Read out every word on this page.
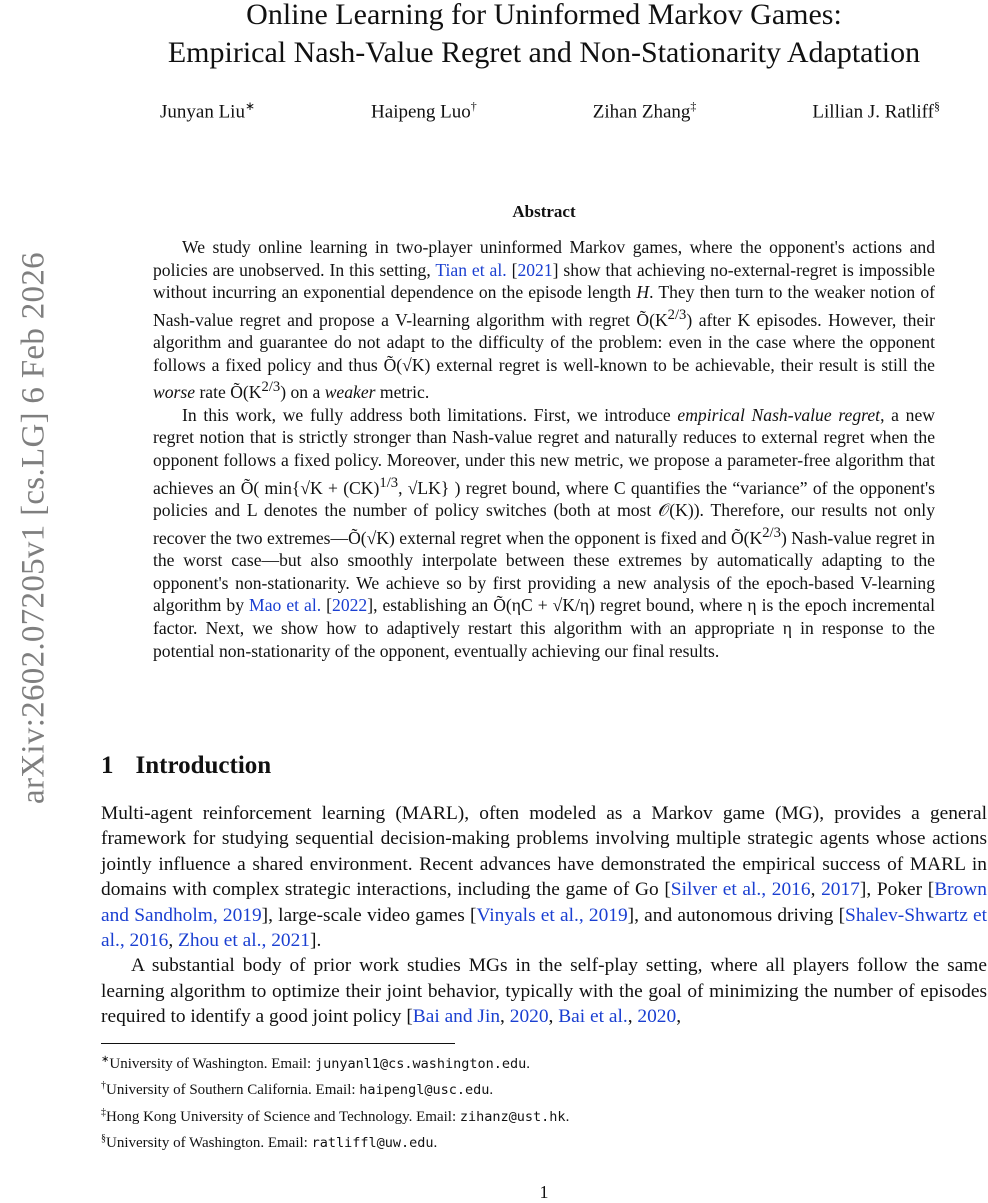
arXiv:2602.07205v1 [cs.LG] 6 Feb 2026
Online Learning for Uninformed Markov Games:
Empirical Nash-Value Regret and Non-Stationarity Adaptation
Junyan Liu∗	Haipeng Luo†	Zihan Zhang‡	Lillian J. Ratliff§
Abstract

We study online learning in two-player uninformed Markov games, where the opponent's actions and policies are unobserved. In this setting, Tian et al. [2021] show that achieving no-external-regret is impossible without incurring an exponential dependence on the episode length H. They then turn to the weaker notion of Nash-value regret and propose a V-learning algorithm with regret $Õ(K^{2/3})$ after K episodes. However, their algorithm and guarantee do not adapt to the difficulty of the problem: even in the case where the opponent follows a fixed policy and thus Õ(√K) external regret is well-known to be achievable, their result is still the worse rate $Õ(K^{2/3})$ on a weaker metric.

In this work, we fully address both limitations. First, we introduce empirical Nash-value regret, a new regret notion that is strictly stronger than Nash-value regret and naturally reduces to external regret when the opponent follows a fixed policy. Moreover, under this new metric, we propose a parameter-free algorithm that achieves an Õ( min{√K + (CK)$^{1/3}$, √LK} ) regret bound, where C quantifies the “variance” of the opponent's policies and L denotes the number of policy switches (both at most 𝒪(K)). Therefore, our results not only recover the two extremes—Õ(√K) external regret when the opponent is fixed and $Õ(K^{2/3})$ Nash-value regret in the worst case—but also smoothly interpolate between these extremes by automatically adapting to the opponent's non-stationarity. We achieve so by first providing a new analysis of the epoch-based V-learning algorithm by Mao et al. [2022], establishing an Õ(ηC + √K/η) regret bound, where η is the epoch incremental factor. Next, we show how to adaptively restart this algorithm with an appropriate η in response to the potential non-stationarity of the opponent, eventually achieving our final results.

1 Introduction

Multi-agent reinforcement learning (MARL), often modeled as a Markov game (MG), provides a general framework for studying sequential decision-making problems involving multiple strategic agents whose actions jointly influence a shared environment. Recent advances have demonstrated the empirical success of MARL in domains with complex strategic interactions, including the game of Go [Silver et al., 2016, 2017], Poker [Brown and Sandholm, 2019], large-scale video games [Vinyals et al., 2019], and autonomous driving [Shalev-Shwartz et al., 2016, Zhou et al., 2021].

A substantial body of prior work studies MGs in the self-play setting, where all players follow the same learning algorithm to optimize their joint behavior, typically with the goal of minimizing the number of episodes required to identify a good joint policy [Bai and Jin, 2020, Bai et al., 2020,

∗University of Washington. Email: junyanl1@cs.washington.edu.
†University of Southern California. Email: haipengl@usc.edu.
‡Hong Kong University of Science and Technology. Email: zihanz@ust.hk.
§University of Washington. Email: ratliffl@uw.edu.
1
